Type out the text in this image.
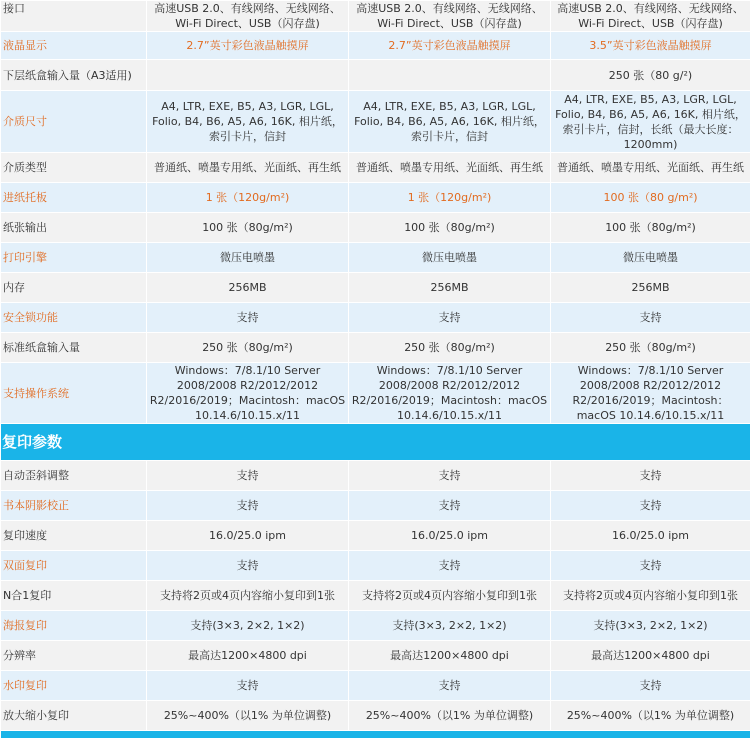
接口	高速USB 2.0、有线网络、无线网络、Wi-Fi Direct、USB（闪存盘)	高速USB 2.0、有线网络、无线网络、Wi-Fi Direct、USB（闪存盘)	高速USB 2.0、有线网络、无线网络、Wi-Fi Direct、USB（闪存盘)
液晶显示	2.7”英寸彩色液晶触摸屏	2.7”英寸彩色液晶触摸屏	3.5”英寸彩色液晶触摸屏
下层纸盒输入量（A3适用)			250 张（80 g/²)
介质尺寸	A4, LTR, EXE, B5, A3, LGR, LGL, Folio, B4, B6, A5, A6, 16K, 相片纸，索引卡片，信封	A4, LTR, EXE, B5, A3, LGR, LGL, Folio, B4, B6, A5, A6, 16K, 相片纸，索引卡片，信封	A4, LTR, EXE, B5, A3, LGR, LGL, Folio, B4, B6, A5, A6, 16K, 相片纸，索引卡片，信封，长纸（最大长度：1200mm)
介质类型	普通纸、喷墨专用纸、光面纸、再生纸	普通纸、喷墨专用纸、光面纸、再生纸	普通纸、喷墨专用纸、光面纸、再生纸
进纸托板	1 张（120g/m²)	1 张（120g/m²)	100 张（80 g/m²)
纸张输出	100 张（80g/m²)	100 张（80g/m²)	100 张（80g/m²)
打印引擎	微压电喷墨	微压电喷墨	微压电喷墨
内存	256MB	256MB	256MB
安全锁功能	支持	支持	支持
标准纸盒输入量	250 张（80g/m²)	250 张（80g/m²)	250 张（80g/m²)
支持操作系统	Windows：7/8.1/10 Server 2008/2008 R2/2012/2012 R2/2016/2019；Macintosh：macOS 10.14.6/10.15.x/11	Windows：7/8.1/10 Server 2008/2008 R2/2012/2012 R2/2016/2019；Macintosh：macOS 10.14.6/10.15.x/11	Windows：7/8.1/10 Server 2008/2008 R2/2012/2012 R2/2016/2019；Macintosh：macOS 10.14.6/10.15.x/11
复印参数			
自动歪斜调整	支持	支持	支持
书本阴影校正	支持	支持	支持
复印速度	16.0/25.0 ipm	16.0/25.0 ipm	16.0/25.0 ipm
双面复印	支持	支持	支持
N合1复印	支持将2页或4页内容缩小复印到1张	支持将2页或4页内容缩小复印到1张	支持将2页或4页内容缩小复印到1张
海报复印	支持(3×3, 2×2, 1×2)	支持(3×3, 2×2, 1×2)	支持(3×3, 2×2, 1×2)
分辨率	最高达1200×4800 dpi	最高达1200×4800 dpi	最高达1200×4800 dpi
水印复印	支持	支持	支持
放大缩小复印	25%~400%（以1% 为单位调整)	25%~400%（以1% 为单位调整)	25%~400%（以1% 为单位调整)
